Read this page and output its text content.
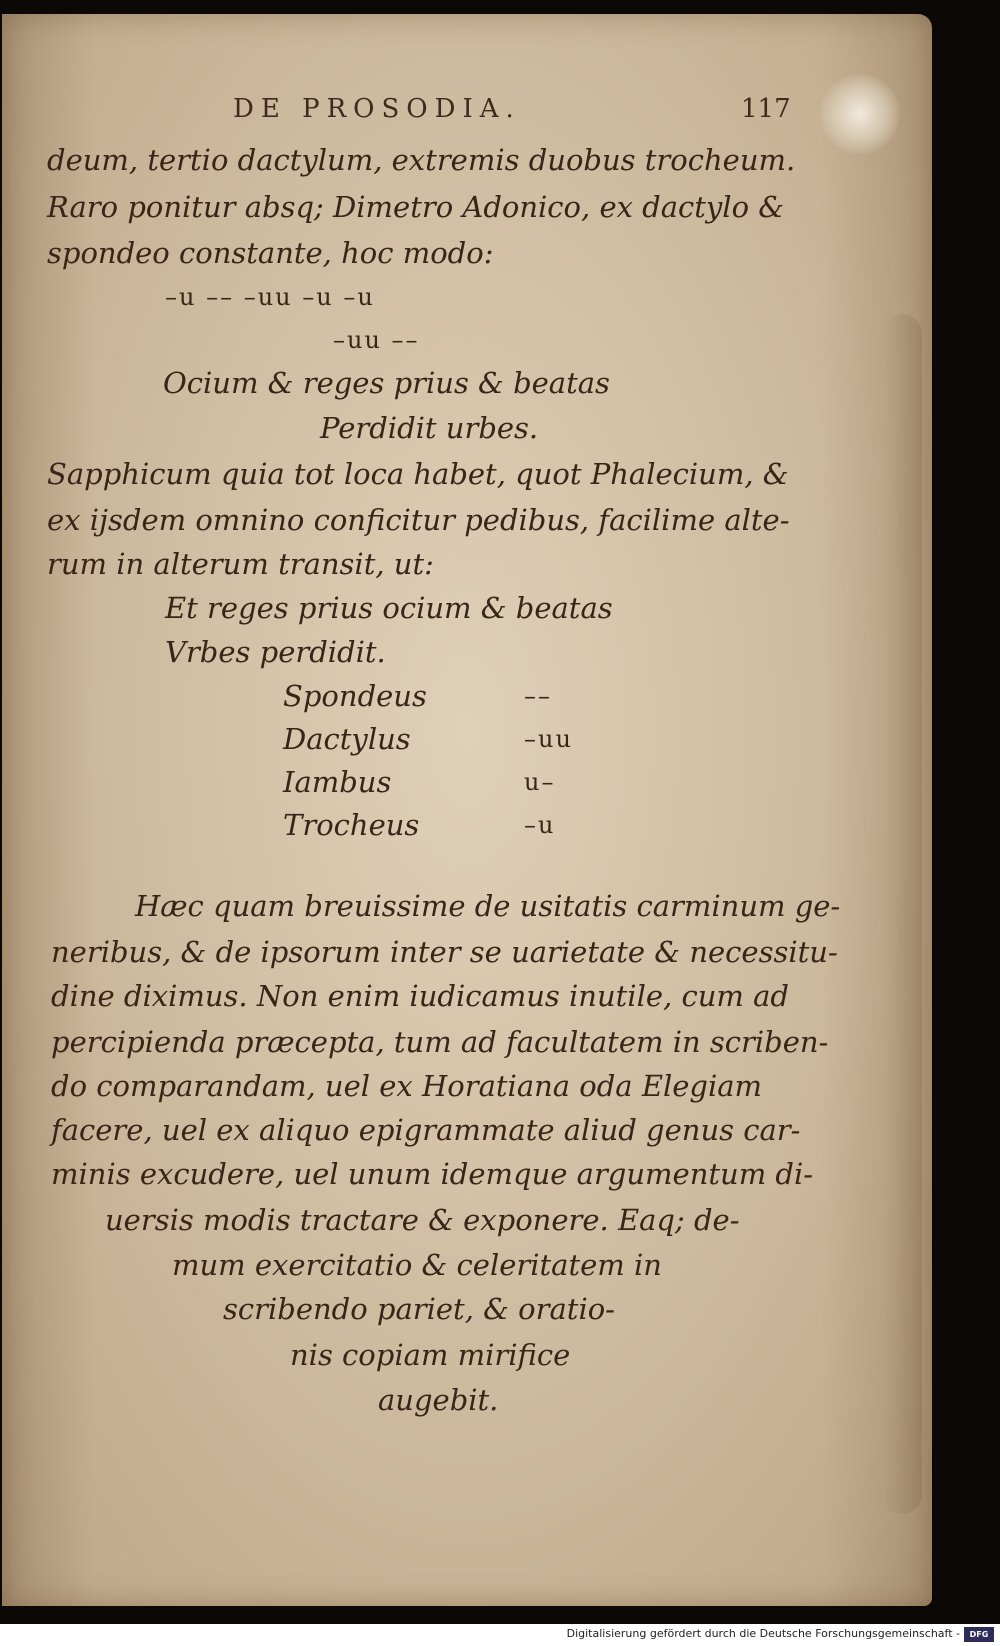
DE PROSODIA.	117

deum, tertio dactylum, extremis duobus trocheum.

Raro ponitur absq; Dimetro Adonico, ex dactylo &

spondeo constante, hoc modo:

–u –– –uu –u –u

–uu ––

Ocium & reges prius & beatas

Perdidit urbes.

Sapphicum quia tot loca habet, quot Phalecium, &

ex ijsdem omnino conficitur pedibus, facilime alte-

rum in alterum transit, ut:

Et reges prius ocium & beatas

Vrbes perdidit.

Spondeus	––

Dactylus	–uu

Iambus	u–

Trocheus	–u

Hæc quam breuissime de usitatis carminum ge-

neribus, & de ipsorum inter se uarietate & necessitu-

dine diximus. Non enim iudicamus inutile, cum ad

percipienda præcepta, tum ad facultatem in scriben-

do comparandam, uel ex Horatiana oda Elegiam

facere, uel ex aliquo epigrammate aliud genus car-

minis excudere, uel unum idemque argumentum di-

uersis modis tractare & exponere. Eaq; de-

mum exercitatio & celeritatem in

scribendo pariet, & oratio-

nis copiam mirifice

augebit.

Digitalisierung gefördert durch die Deutsche Forschungsgemeinschaft -	DFG
